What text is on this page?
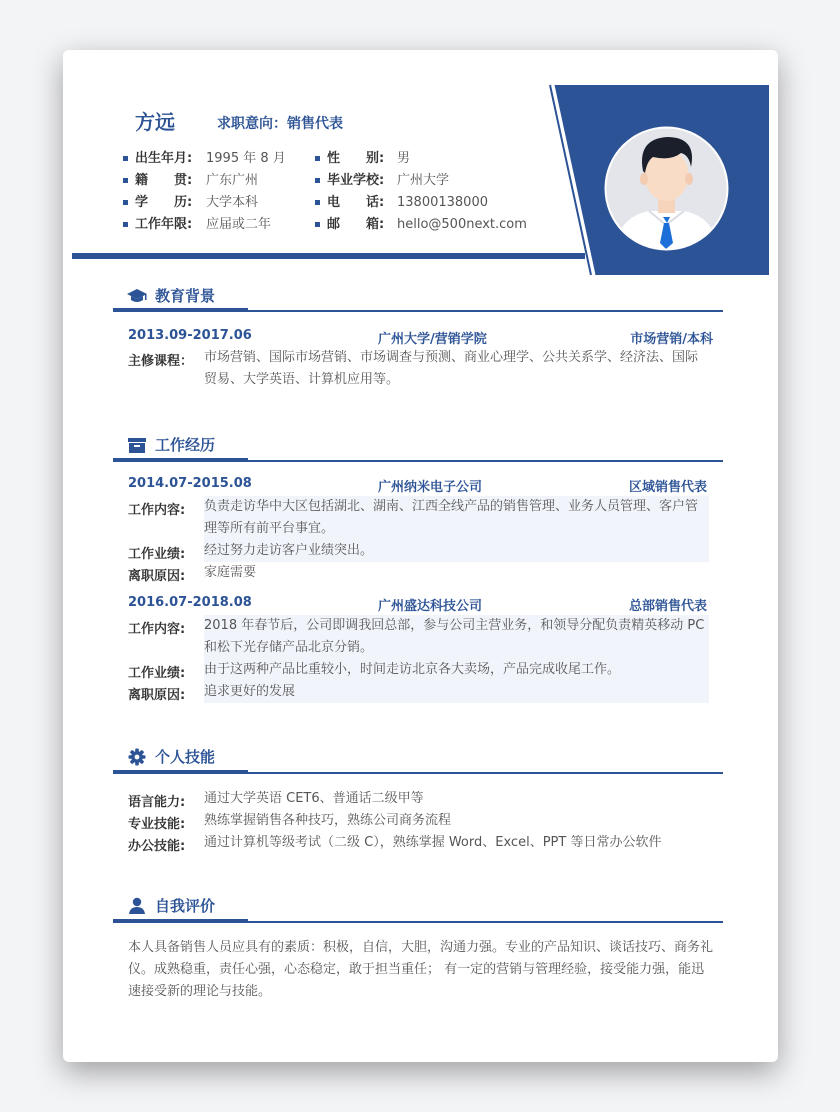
方远	求职意向：销售代表
出生年月: 1995 年 8 月	性　　别: 男
籍　　贯: 广东广州	毕业学校: 广州大学
学　　历: 大学本科	电　　话: 13800138000
工作年限: 应届或二年	邮　　箱: hello@500next.com
教育背景
2013.09-2017.06	广州大学/营销学院	市场营销/本科
主修课程： 市场营销、国际市场营销、市场调查与预测、商业心理学、公共关系学、经济法、国际贸易、大学英语、计算机应用等。
工作经历
2014.07-2015.08	广州纳米电子公司	区域销售代表
工作内容: 负责走访华中大区包括湖北、湖南、江西全线产品的销售管理、业务人员管理、客户管理等所有前平台事宜。
工作业绩: 经过努力走访客户业绩突出。
离职原因: 家庭需要
2016.07-2018.08	广州盛达科技公司	总部销售代表
工作内容: 2018 年春节后，公司即调我回总部，参与公司主营业务，和领导分配负责精英移动 PC 和松下光存储产品北京分销。
工作业绩: 由于这两种产品比重较小，时间走访北京各大卖场，产品完成收尾工作。
离职原因: 追求更好的发展
个人技能
语言能力: 通过大学英语 CET6、普通话二级甲等
专业技能: 熟练掌握销售各种技巧，熟练公司商务流程
办公技能: 通过计算机等级考试（二级 C），熟练掌握 Word、Excel、PPT 等日常办公软件
自我评价
本人具备销售人员应具有的素质：积极，自信，大胆，沟通力强。专业的产品知识、谈话技巧、商务礼仪。成熟稳重，责任心强，心态稳定，敢于担当重任； 有一定的营销与管理经验，接受能力强，能迅速接受新的理论与技能。
